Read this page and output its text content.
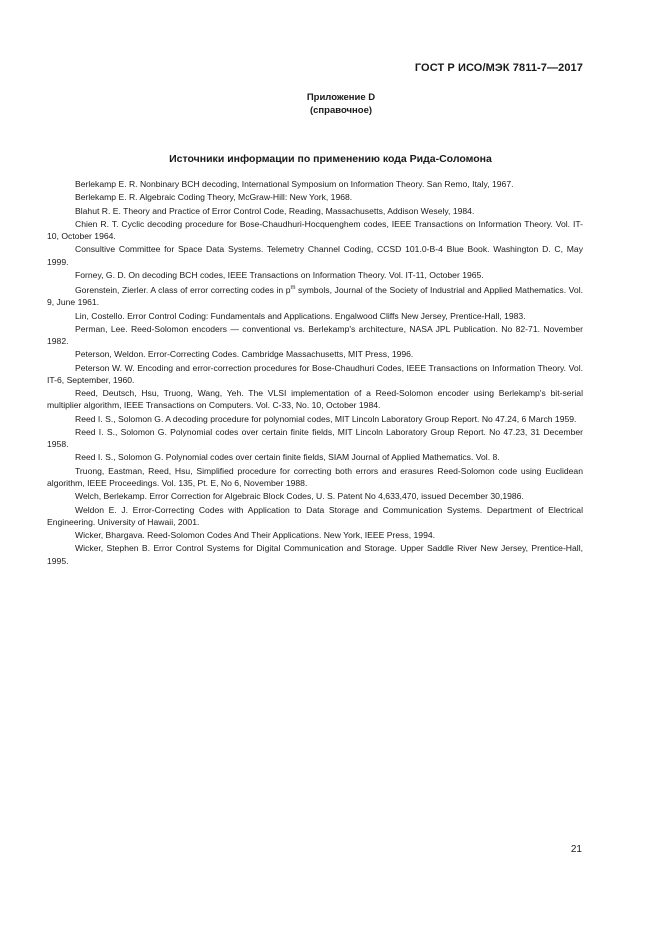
ГОСТ Р ИСО/МЭК 7811-7—2017
Приложение D
(справочное)
Источники информации по применению кода Рида-Соломона

Berlekamp E. R. Nonbinary BCH decoding, International Symposium on Information Theory. San Remo, Italy, 1967.

Berlekamp E. R. Algebraic Coding Theory, McGraw-Hill: New York, 1968.

Blahut R. E. Theory and Practice of Error Control Code, Reading, Massachusetts, Addison Wesely, 1984.

Chien R. T. Cyclic decoding procedure for Bose-Chaudhuri-Hocquenghem codes, IEEE Transactions on Information Theory. Vol. IT-10, October 1964.

Consultive Committee for Space Data Systems. Telemetry Channel Coding, CCSD 101.0-B-4 Blue Book. Washington D. C, May 1999.

Forney, G. D. On decoding BCH codes, IEEE Transactions on Information Theory. Vol. IT-11, October 1965.

Gorenstein, Zierler. A class of error correcting codes in $p^m$ symbols, Journal of the Society of Industrial and Applied Mathematics. Vol. 9, June 1961.

Lin, Costello. Error Control Coding: Fundamentals and Applications. Engalwood Cliffs New Jersey, Prentice-Hall, 1983.

Perman, Lee. Reed-Solomon encoders — conventional vs. Berlekamp's architecture, NASA JPL Publication. No 82-71. November 1982.

Peterson, Weldon. Error-Correcting Codes. Cambridge Massachusetts, MIT Press, 1996.

Peterson W. W. Encoding and error-correction procedures for Bose-Chaudhuri Codes, IEEE Transactions on Information Theory. Vol. IT-6, September, 1960.

Reed, Deutsch, Hsu, Truong, Wang, Yeh. The VLSI implementation of a Reed-Solomon encoder using Berlekamp's bit-serial multiplier algorithm, IEEE Transactions on Computers. Vol. C-33, No. 10, October 1984.

Reed I. S., Solomon G. A decoding procedure for polynomial codes, MIT Lincoln Laboratory Group Report. No 47.24, 6 March 1959.

Reed I. S., Solomon G. Polynomial codes over certain finite fields, MIT Lincoln Laboratory Group Report. No 47.23, 31 December 1958.

Reed I. S., Solomon G. Polynomial codes over certain finite fields, SIAM Journal of Applied Mathematics. Vol. 8.

Truong, Eastman, Reed, Hsu, Simplified procedure for correcting both errors and erasures Reed-Solomon code using Euclidean algorithm, IEEE Proceedings. Vol. 135, Pt. E, No 6, November 1988.

Welch, Berlekamp. Error Correction for Algebraic Block Codes, U. S. Patent No 4,633,470, issued December 30,1986.

Weldon E. J. Error-Correcting Codes with Application to Data Storage and Communication Systems. Department of Electrical Engineering. University of Hawaii, 2001.

Wicker, Bhargava. Reed-Solomon Codes And Their Applications. New York, IEEE Press, 1994.

Wicker, Stephen B. Error Control Systems for Digital Communication and Storage. Upper Saddle River New Jersey, Prentice-Hall, 1995.

21
